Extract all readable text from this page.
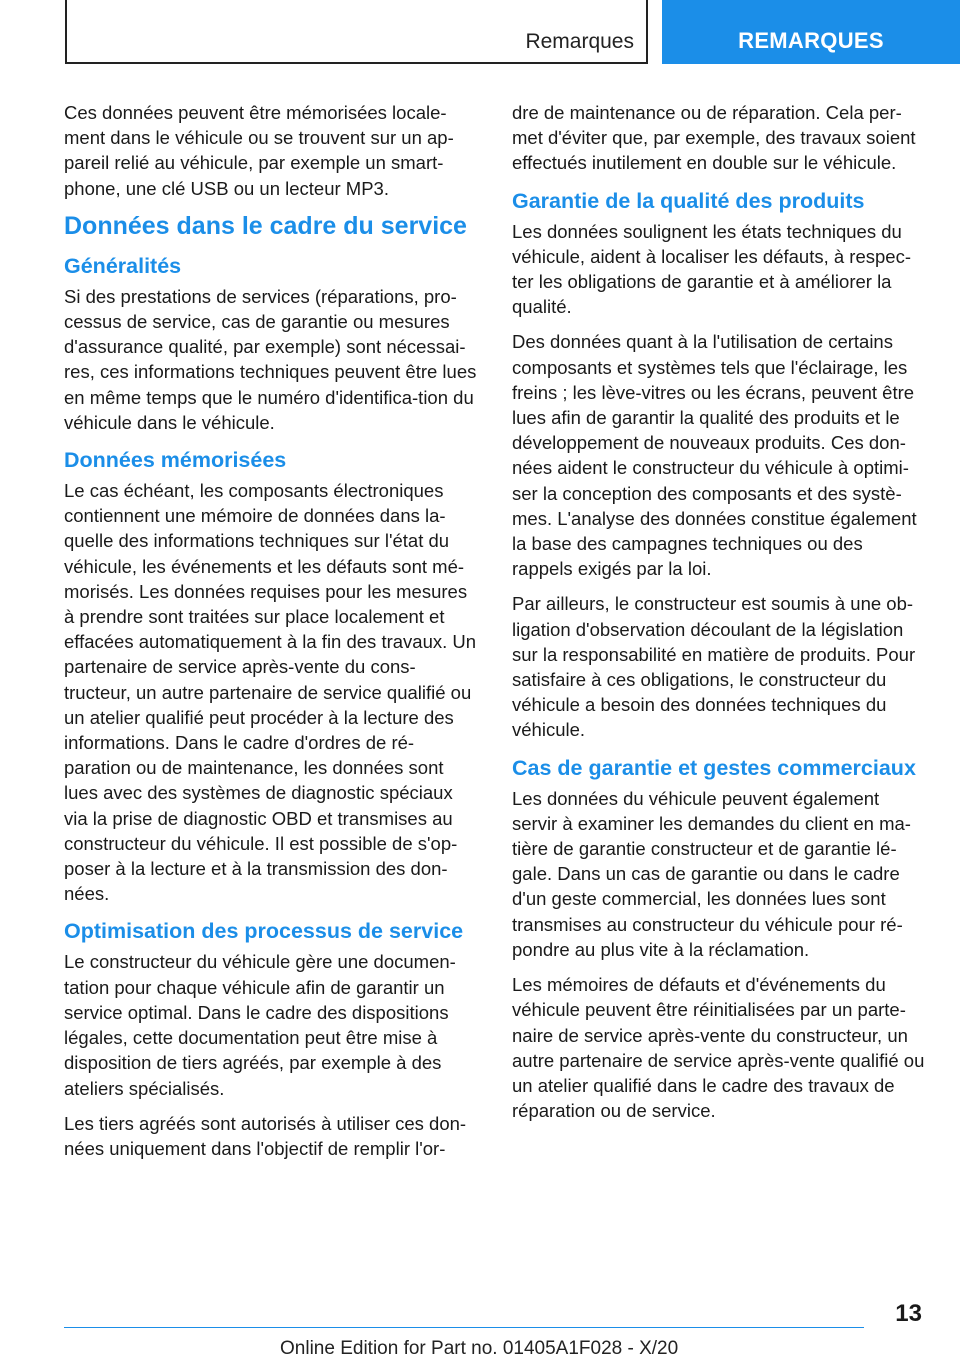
Remarques	REMARQUES

Ces données peuvent être mémorisées locale-ment dans le véhicule ou se trouvent sur un ap-pareil relié au véhicule, par exemple un smart-phone, une clé USB ou un lecteur MP3.

Données dans le cadre du service
Généralités

Si des prestations de services (réparations, pro-cessus de service, cas de garantie ou mesures d'assurance qualité, par exemple) sont nécessai-res, ces informations techniques peuvent être lues en même temps que le numéro d'identifica-tion du véhicule dans le véhicule.

Données mémorisées

Le cas échéant, les composants électroniques contiennent une mémoire de données dans la-quelle des informations techniques sur l'état du véhicule, les événements et les défauts sont mé-morisés. Les données requises pour les mesures à prendre sont traitées sur place localement et effacées automatiquement à la fin des travaux. Un partenaire de service après-vente du cons-tructeur, un autre partenaire de service qualifié ou un atelier qualifié peut procéder à la lecture des informations. Dans le cadre d'ordres de ré-paration ou de maintenance, les données sont lues avec des systèmes de diagnostic spéciaux via la prise de diagnostic OBD et transmises au constructeur du véhicule. Il est possible de s'op-poser à la lecture et à la transmission des don-nées.

Optimisation des processus de service

Le constructeur du véhicule gère une documen-tation pour chaque véhicule afin de garantir un service optimal. Dans le cadre des dispositions légales, cette documentation peut être mise à disposition de tiers agréés, par exemple à des ateliers spécialisés.

Les tiers agréés sont autorisés à utiliser ces don-nées uniquement dans l'objectif de remplir l'or-

dre de maintenance ou de réparation. Cela per-met d'éviter que, par exemple, des travaux soient effectués inutilement en double sur le véhicule.

Garantie de la qualité des produits

Les données soulignent les états techniques du véhicule, aident à localiser les défauts, à respec-ter les obligations de garantie et à améliorer la qualité.

Des données quant à la l'utilisation de certains composants et systèmes tels que l'éclairage, les freins ; les lève-vitres ou les écrans, peuvent être lues afin de garantir la qualité des produits et le développement de nouveaux produits. Ces don-nées aident le constructeur du véhicule à optimi-ser la conception des composants et des systè-mes. L'analyse des données constitue également la base des campagnes techniques ou des rappels exigés par la loi.

Par ailleurs, le constructeur est soumis à une ob-ligation d'observation découlant de la législation sur la responsabilité en matière de produits. Pour satisfaire à ces obligations, le constructeur du véhicule a besoin des données techniques du véhicule.

Cas de garantie et gestes commerciaux

Les données du véhicule peuvent également servir à examiner les demandes du client en ma-tière de garantie constructeur et de garantie lé-gale. Dans un cas de garantie ou dans le cadre d'un geste commercial, les données lues sont transmises au constructeur du véhicule pour ré-pondre au plus vite à la réclamation.

Les mémoires de défauts et d'événements du véhicule peuvent être réinitialisées par un parte-naire de service après-vente du constructeur, un autre partenaire de service après-vente qualifié ou un atelier qualifié dans le cadre des travaux de réparation ou de service.

13
Online Edition for Part no. 01405A1F028 - X/20
